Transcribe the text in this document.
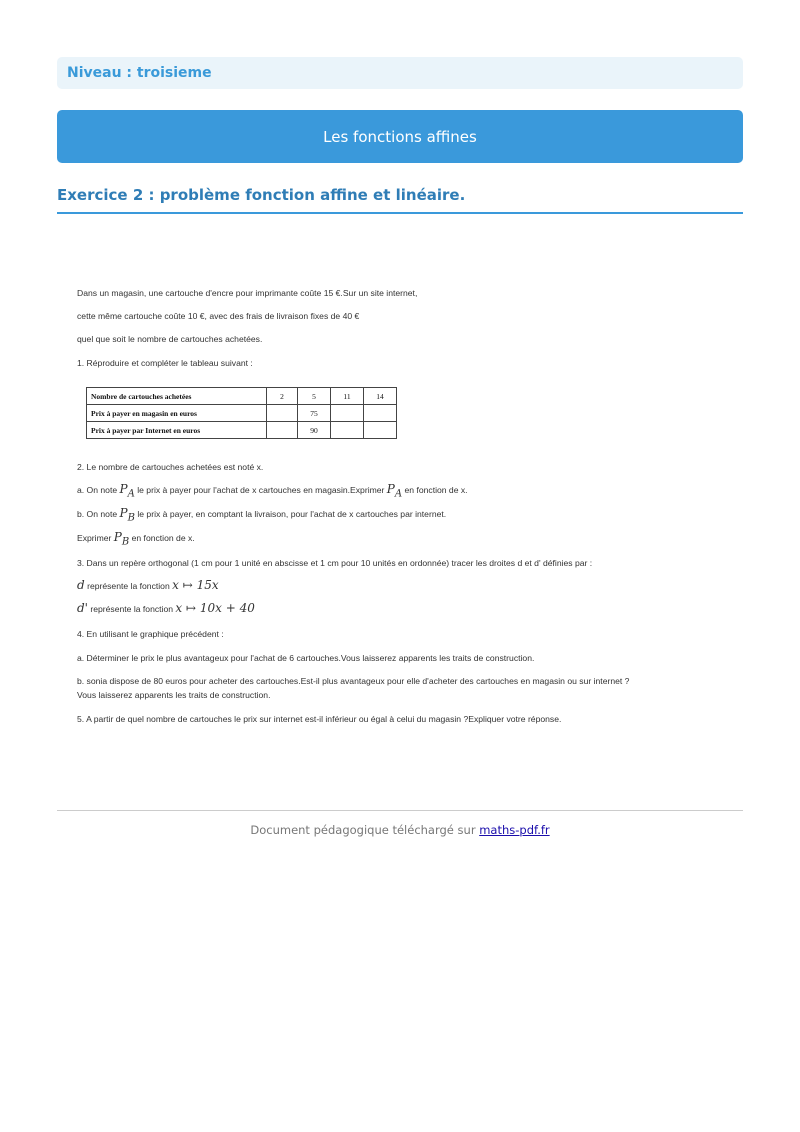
Niveau : troisieme
Les fonctions affines
Exercice 2 : problème fonction affine et linéaire.
Dans un magasin, une cartouche d'encre pour imprimante coûte 15 €.Sur un site internet,
cette même cartouche coûte 10 €, avec des frais de livraison fixes de 40 €
quel que soit le nombre de cartouches achetées.
1. Réproduire et compléter le tableau suivant :
Nombre de cartouches achetées	2	5	11	14
Prix à payer en magasin en euros		75		
Prix à payer par Internet en euros		90		
2. Le nombre de cartouches achetées est noté x.
a. On note $P_A$ le prix à payer pour l'achat de x cartouches en magasin.Exprimer $P_A$ en fonction de x.
b. On note $P_B$ le prix à payer, en comptant la livraison, pour l'achat de x cartouches par internet.
Exprimer $P_B$ en fonction de x.
3. Dans un repère orthogonal (1 cm pour 1 unité en abscisse et 1 cm pour 10 unités en ordonnée) tracer les droites d et d' définies par :
d représente la fonction x ↦ 15x
d' représente la fonction x ↦ 10x + 40
4. En utilisant le graphique précédent :
a. Déterminer le prix le plus avantageux pour l'achat de 6 cartouches.Vous laisserez apparents les traits de construction.
b. sonia dispose de 80 euros pour acheter des cartouches.Est-il plus avantageux pour elle d'acheter des cartouches en magasin ou sur internet ?
Vous laisserez apparents les traits de construction.
5. A partir de quel nombre de cartouches le prix sur internet est-il inférieur ou égal à celui du magasin ?Expliquer votre réponse.
Document pédagogique téléchargé sur maths-pdf.fr
